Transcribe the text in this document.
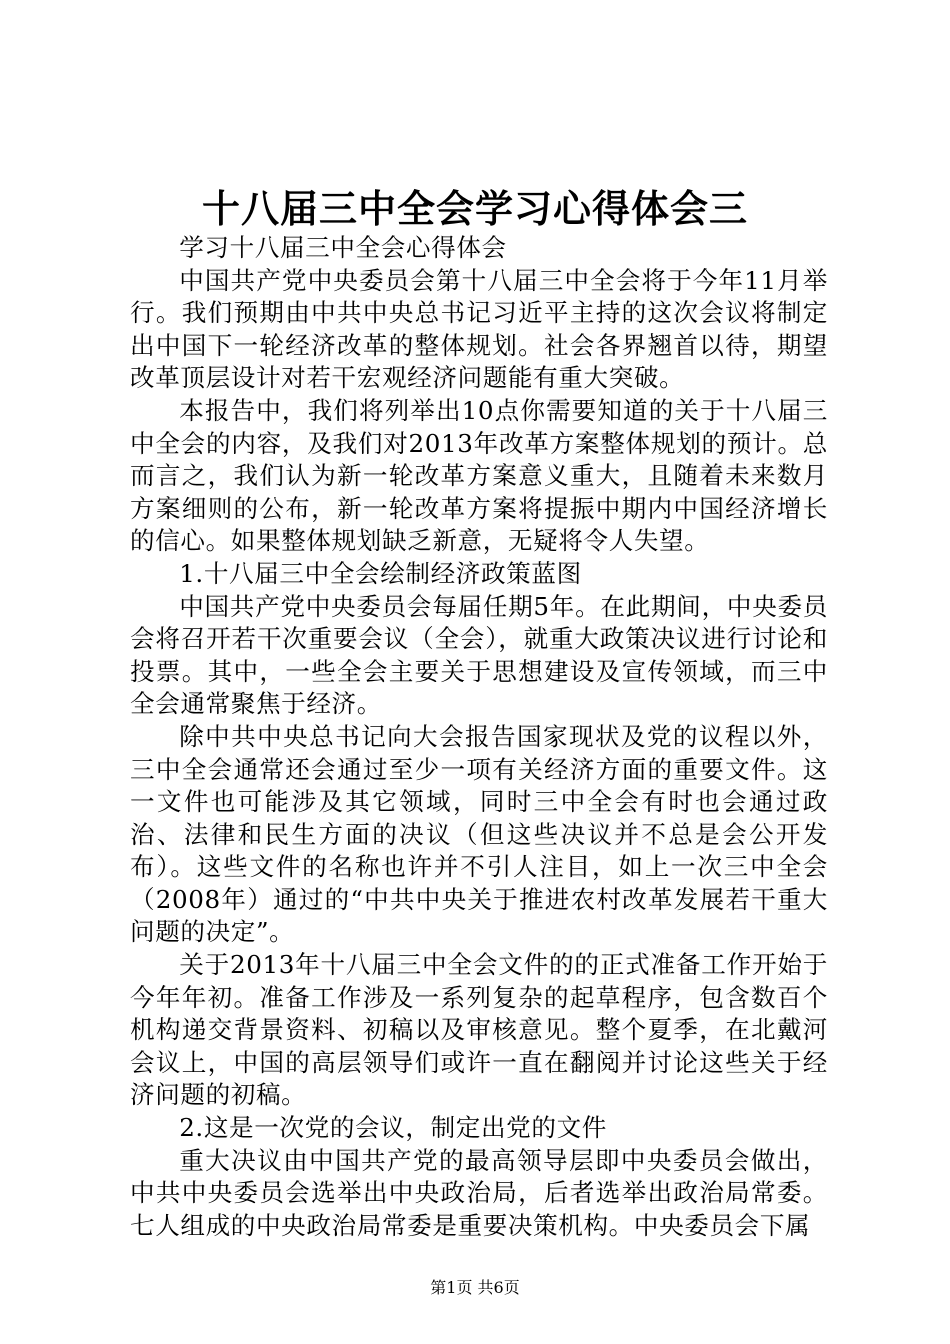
十八届三中全会学习心得体会三

学习十八届三中全会心得体会

中国共产党中央委员会第十八届三中全会将于今年11月举行。我们预期由中共中央总书记习近平主持的这次会议将制定出中国下一轮经济改革的整体规划。社会各界翘首以待，期望改革顶层设计对若干宏观经济问题能有重大突破。

本报告中，我们将列举出10点你需要知道的关于十八届三中全会的内容，及我们对2013年改革方案整体规划的预计。总而言之，我们认为新一轮改革方案意义重大，且随着未来数月方案细则的公布，新一轮改革方案将提振中期内中国经济增长的信心。如果整体规划缺乏新意，无疑将令人失望。

1.十八届三中全会绘制经济政策蓝图

中国共产党中央委员会每届任期5年。在此期间，中央委员会将召开若干次重要会议（全会），就重大政策决议进行讨论和投票。其中，一些全会主要关于思想建设及宣传领域，而三中全会通常聚焦于经济。

除中共中央总书记向大会报告国家现状及党的议程以外，三中全会通常还会通过至少一项有关经济方面的重要文件。这一文件也可能涉及其它领域，同时三中全会有时也会通过政治、法律和民生方面的决议（但这些决议并不总是会公开发布）。这些文件的名称也许并不引人注目，如上一次三中全会（2008年）通过的“中共中央关于推进农村改革发展若干重大问题的决定”。

关于2013年十八届三中全会文件的的正式准备工作开始于今年年初。准备工作涉及一系列复杂的起草程序，包含数百个机构递交背景资料、初稿以及审核意见。整个夏季，在北戴河会议上，中国的高层领导们或许一直在翻阅并讨论这些关于经济问题的初稿。

2.这是一次党的会议，制定出党的文件

重大决议由中国共产党的最高领导层即中央委员会做出，中共中央委员会选举出中央政治局，后者选举出政治局常委。七人组成的中央政治局常委是重要决策机构。中央委员会下属

第1页 共6页
